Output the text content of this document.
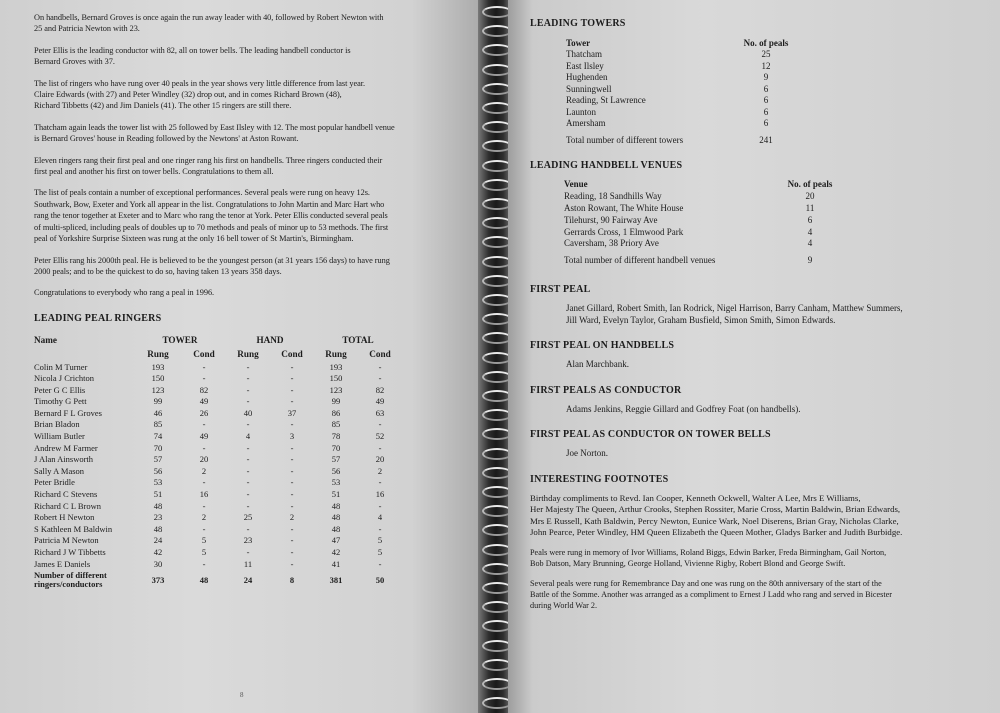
On handbells, Bernard Groves is once again the run away leader with 40, followed by Robert Newton with
25 and Patricia Newton with 23.
Peter Ellis is the leading conductor with 82, all on tower bells. The leading handbell conductor is
Bernard Groves with 37.
The list of ringers who have rung over 40 peals in the year shows very little difference from last year.
Claire Edwards (with 27) and Peter Windley (32) drop out, and in comes Richard Brown (48),
Richard Tibbetts (42) and Jim Daniels (41). The other 15 ringers are still there.
Thatcham again leads the tower list with 25 followed by East Ilsley with 12. The most popular handbell venue
is Bernard Groves' house in Reading followed by the Newtons' at Aston Rowant.
Eleven ringers rang their first peal and one ringer rang his first on handbells. Three ringers conducted their
first peal and another his first on tower bells. Congratulations to them all.
The list of peals contain a number of exceptional performances. Several peals were rung on heavy 12s.
Southwark, Bow, Exeter and York all appear in the list. Congratulations to John Martin and Marc Hart who
rang the tenor together at Exeter and to Marc who rang the tenor at York. Peter Ellis conducted several peals
of multi-spliced, including peals of doubles up to 70 methods and peals of minor up to 53 methods. The first
peal of Yorkshire Surprise Sixteen was rung at the only 16 bell tower of St Martin's, Birmingham.
Peter Ellis rang his 2000th peal. He is believed to be the youngest person (at 31 years 156 days) to have rung
2000 peals; and to be the quickest to do so, having taken 13 years 358 days.
Congratulations to everybody who rang a peal in 1996.
LEADING PEAL RINGERS
Name	TOWER	HAND	TOTAL
Rung	Cond	Rung	Cond	Rung	Cond
Colin M Turner	193	-	-	-	193	-
Nicola J Crichton	150	-	-	-	150	-
Peter G C Ellis	123	82	-	-	123	82
Timothy G Pett	99	49	-	-	99	49
Bernard F L Groves	46	26	40	37	86	63
Brian Bladon	85	-	-	-	85	-
William Butler	74	49	4	3	78	52
Andrew M Farmer	70	-	-	-	70	-
J Alan Ainsworth	57	20	-	-	57	20
Sally A Mason	56	2	-	-	56	2
Peter Bridle	53	-	-	-	53	-
Richard C Stevens	51	16	-	-	51	16
Richard C L Brown	48	-	-	-	48	-
Robert H Newton	23	2	25	2	48	4
S Kathleen M Baldwin	48	-	-	-	48	-
Patricia M Newton	24	5	23	-	47	5
Richard J W Tibbetts	42	5	-	-	42	5
James E Daniels	30	-	11	-	41	-
Number of different
ringers/conductors	373	48	24	8	381	50
8
LEADING TOWERS
Tower	No. of peals
Thatcham	25
East Ilsley	12
Hughenden	9
Sunningwell	6
Reading, St Lawrence	6
Launton	6
Amersham	6
Total number of different towers	241
LEADING HANDBELL VENUES
Venue	No. of peals
Reading, 18 Sandhills Way	20
Aston Rowant, The White House	11
Tilehurst, 90 Fairway Ave	6
Gerrards Cross, 1 Elmwood Park	4
Caversham, 38 Priory Ave	4
Total number of different handbell venues	9
FIRST PEAL
Janet Gillard, Robert Smith, Ian Rodrick, Nigel Harrison, Barry Canham, Matthew Summers,
Jill Ward, Evelyn Taylor, Graham Busfield, Simon Smith, Simon Edwards.
FIRST PEAL ON HANDBELLS
Alan Marchbank.
FIRST PEALS AS CONDUCTOR
Adams Jenkins, Reggie Gillard and Godfrey Foat (on handbells).
FIRST PEAL AS CONDUCTOR ON TOWER BELLS
Joe Norton.
INTERESTING FOOTNOTES
Birthday compliments to Revd. Ian Cooper, Kenneth Ockwell, Walter A Lee, Mrs E Williams,
Her Majesty The Queen, Arthur Crooks, Stephen Rossiter, Marie Cross, Martin Baldwin, Brian Edwards,
Mrs E Russell, Kath Baldwin, Percy Newton, Eunice Wark, Noel Diserens, Brian Gray, Nicholas Clarke,
John Pearce, Peter Windley, HM Queen Elizabeth the Queen Mother, Gladys Barker and Judith Burbidge.
Peals were rung in memory of Ivor Williams, Roland Biggs, Edwin Barker, Freda Birmingham, Gail Norton,
Bob Datson, Mary Brunning, George Holland, Vivienne Rigby, Robert Blond and George Swift.
Several peals were rung for Remembrance Day and one was rung on the 80th anniversary of the start of the
Battle of the Somme. Another was arranged as a compliment to Ernest J Ladd who rang and served in Bicester
during World War 2.
